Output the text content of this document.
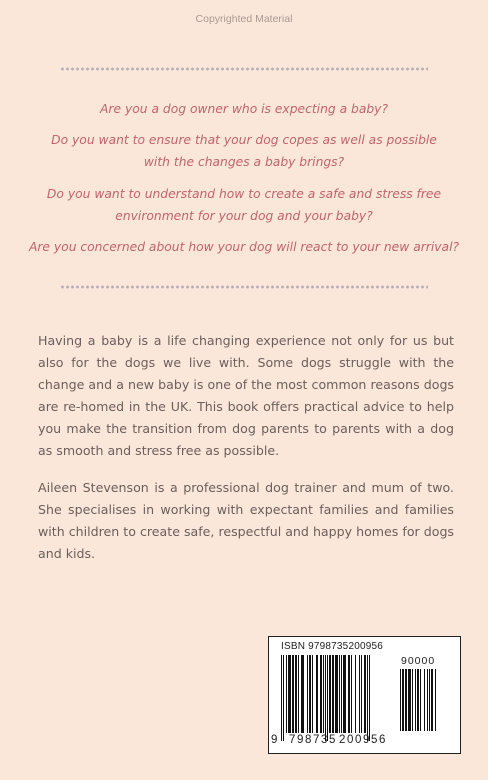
Copyrighted Material
Are you a dog owner who is expecting a baby?
Do you want to ensure that your dog copes as well as possible with the changes a baby brings?
Do you want to understand how to create a safe and stress free environment for your dog and your baby?
Are you concerned about how your dog will react to your new arrival?
Having a baby is a life changing experience not only for us but also for the dogs we live with. Some dogs struggle with the change and a new baby is one of the most common reasons dogs are re-homed in the UK. This book offers practical advice to help you make the transition from dog parents to parents with a dog as smooth and stress free as possible.
Aileen Stevenson is a professional dog trainer and mum of two. She specialises in working with expectant families and families with children to create safe, respectful and happy homes for dogs and kids.
ISBN 9798735200956
90000
9 798735 200956
